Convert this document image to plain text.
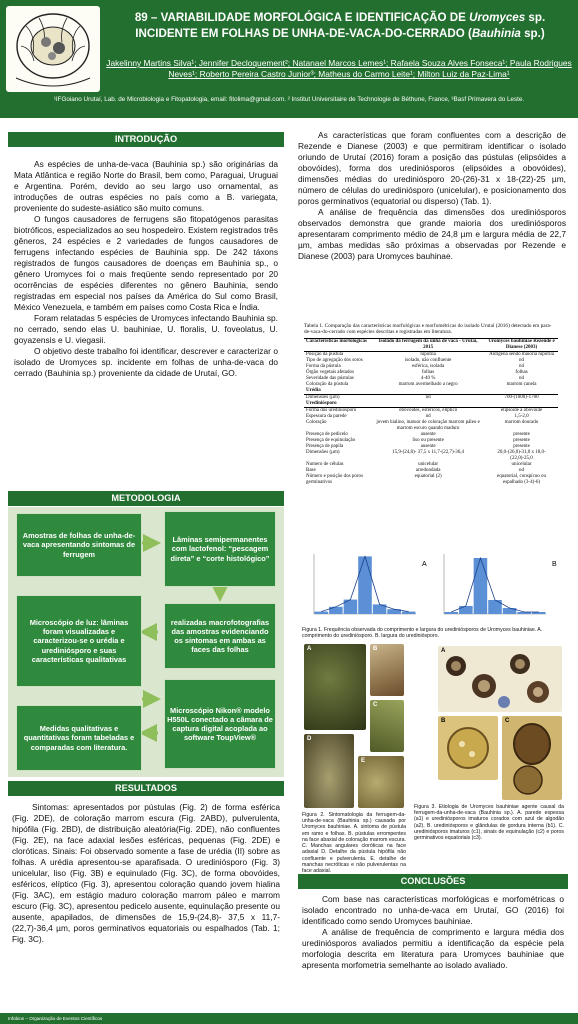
89 – VARIABILIDADE MORFOLÓGICA E IDENTIFICAÇÃO DE Uromyces sp.
INCIDENTE EM FOLHAS DE UNHA-DE-VACA-DO-CERRADO (Bauhinia sp.)
Jakelinny Martins Silva¹; Jennifer Decloquement²; Natanael Marcos Lemes¹; Rafaela Souza Alves Fonseca¹; Paula Rodrigues
Neves¹; Roberto Pereira Castro Junior³; Matheus do Carmo Leite¹; Milton Luiz da Paz-Lima¹
¹IFGoiano Urutaí, Lab. de Microbiologia e Fitopatologia, email: fitolima@gmail.com. ² Institut Universitaire de Technologie de Béthune, France, ³Basf Primavera do Leste.
INTRODUÇÃO

As espécies de unha-de-vaca (Bauhinia sp.) são originárias da Mata Atlântica e região Norte do Brasil, bem como, Paraguai, Uruguai e Argentina. Porém, devido ao seu largo uso ornamental, as introduções de outras espécies no país como a B. variegata, proveniente do sudeste-asiático são muito comuns.

O fungos causadores de ferrugens são fitopatógenos parasitas biotróficos, especializados ao seu hospedeiro. Existem registrados três gêneros, 24 espécies e 2 variedades de fungos causadores de ferrugens infectando espécies de Bauhinia spp. De 242 táxons registrados de fungos causadores de doenças em Bauhinia sp., o gênero Uromyces foi o mais freqüente sendo representado por 20 ocorrências de espécies diferentes no gênero Bauhinia, sendo registradas em especial nos países da América do Sul como Brasil, México Venezuela, e também em países como Costa Rica e Índia.

Foram relatadas 5 espécies de Uromyces infectando Bauhinia sp. no cerrado, sendo elas U. bauhiniae, U. floralis, U. foveolatus, U. goyazensis e U. viegasii.

O objetivo deste trabalho foi identificar, descrever e caracterizar o isolado de Uromyces sp. incidente em folhas de unha-de-vaca do cerrado (Bauhinia sp.) proveniente da cidade de Urutaí, GO.

METODOLOGIA
Amostras de folhas de unha-de-vaca apresentando sintomas de ferrugem
Lâminas semipermanentes com lactofenol: “pescagem direta” e “corte histológico”
Microscópio de luz: lâminas foram visualizadas e caracterizou-se o urédia e urediniósporo e suas características qualitativas
realizadas macrofotografias das amostras evidenciando os sintomas em ambas as faces das folhas
Microscópio Nikon® modelo H550L conectado a câmara de captura digital acoplada ao software ToupView®
Medidas qualitativas e quantitativas foram tabeladas e comparadas com literatura.
RESULTADOS

Sintomas: apresentados por pústulas (Fig. 2) de forma esférica (Fig. 2DE), de coloração marrom escura (Fig. 2ABD), pulverulenta, hipófila (Fig. 2BD), de distribuição aleatória(Fig. 2DE), não confluentes (Fig. 2E), na face adaxial lesões esféricas, pequenas (Fig. 2DE) e cloróticas. Sinais: Foi observado somente a fase de urédia (II) sobre as folhas. A urédia apresentou-se aparafisada. O urediniósporo (Fig. 3) unicelular, liso (Fig. 3B) e equinulado (Fig. 3C), de forma obovóides, esféricos, elíptico (Fig. 3), apresentou coloração quando jovem hialina (Fig. 3AC), em estágio maduro coloração marrom páleo e marrom escuro (Fig. 3C), apresentou pedicelo ausente, equinulação presente ou ausente, apapilados, de dimensões de 15,9-(24,8)- 37,5 x 11,7-(22,7)-36,4 µm, poros germinativos equatoriais ou espalhados (Tab. 1; Fig. 3C).

As características que foram confluentes com a descrição de Rezende e Dianese (2003) e que permitiram identificar o isolado oriundo de Urutaí (2016) foram a posição das pústulas (elipsóides a obovóides), forma dos urediniósporos (elipsóides a obovóides), dimensões médias do urediniósporo 20-(26)-31 x 18-(22)-25 µm, número de células do urediniósporo (unicelular), e posicionamento dos poros germinativos (equatorial ou disperso) (Tab. 1).

A análise de frequência das dimensões dos urediniósporos observados demonstra que grande maioria dos urediniósporos apresentaram comprimento médio de 24,8 µm e largura média de 22,7 µm, ambas medidas são próximas a observadas por Rezende e Dianese (2003) para Uromyces bauhinae.

Tabela 1. Comparação das características morfológicas e morfométricas do isolado Urutaí (2016) detectado em para-de-vaca-do-cerrado com espécies descritas e registradas em literatura.
Características morfológicas	Isolado da ferrugem da unha de vaca - Urutaí, 2015	Uromyces bauhiniae Rezende e Dianese (2003)
Posição da pústula	hipófila	Anfígena sendo maioria hipófila
Tipo de agregação dos soros	isolado, não confluente	nd
Forma da pústula	esférica, isolada	nd
Órgão vegetais afetados	folhas	folhas
Severidade das pústulas	4-40 %	nd
Coloração da pústula	marrom avermelhado a negro	marrom canela
Urédia		
Dimensões (µm)	nd	700-(1000)-1700
Urediniósporo		
Forma dos urediniósporo	obovóides, esféricos, elíptico	elipsóide a obovóide
Espessura da parede	nd	1,5-2,0
Coloração	jovem hialino, inatuor de coloração marrom páleo e marrom escuro quando maduro	marrom dourado
Presença de pedicelo	ausente	presente
Presença de equinulação	liso ou presente	presente
Presença de papila	ausente	presente
Dimensões (µm)	15,9-(24,8)- 37,5 x 11,7-(22,7)-36,4	20,0-(26,0)-31,0 x 18,0-(22,0)-25,0
Numero de células	unicelular	unicelular
Base	arredondada	nd
Número e posição dos poros germinativos	equatorial (2)	equatorial, conspícuo ou espalhado (3-4)-6)
A	B
Figura 1. Frequência observada do comprimento e largura do urediniósporos de Uromyces bauhiniae. A. comprimento do urediniósporo. B. largura do urediniósporo.
A	B
C
D
E
Figura 2. Sintomatologia da ferrugem-da-unha-de-vaca (Bauhinia sp.) causada por Uromyces bauhiniae. A. sintoma de pústula em ramo e folhas. B. pústulas errompentes na face abaxial de coloração marrom escura. C. Manchas angulares cloróticas na face adaxial D. Detalhe da pústula hipófila não confluente e pulverulenta. E. detalhe de manchas necróticas e não pulverulentas na face adaxial.
A
B	C
Figura 3. Etiologia de Uromyces bauhiniae agente causal da ferrugem-da-unha-de-vaca (Bauhinia sp.). A. parede espessa (a1) e urediniósporos imaturos corados com azul de algodão (a2). B. urediniósporos e glândulas de gordura interna (b1). C. urediniósporos imaturos (c1), sinais de equinulação (c2) e poros germinativos equatoriais (c3).
CONCLUSÕES

Com base nas características morfológicas e morfométricas o isolado encontrado no unha-de-vaca em Urutaí, GO (2016) foi identificado como sendo Uromyces bauhiniae.

A análise de frequência de comprimento e largura média dos urediniósporos avaliados permitiu a identificação da espécie pela morfologia descrita em literatura para Uromyces bauhiniae que apresenta morfometria semelhante ao isolado avaliado.

Infobios – Organização de Eventos Científicos
